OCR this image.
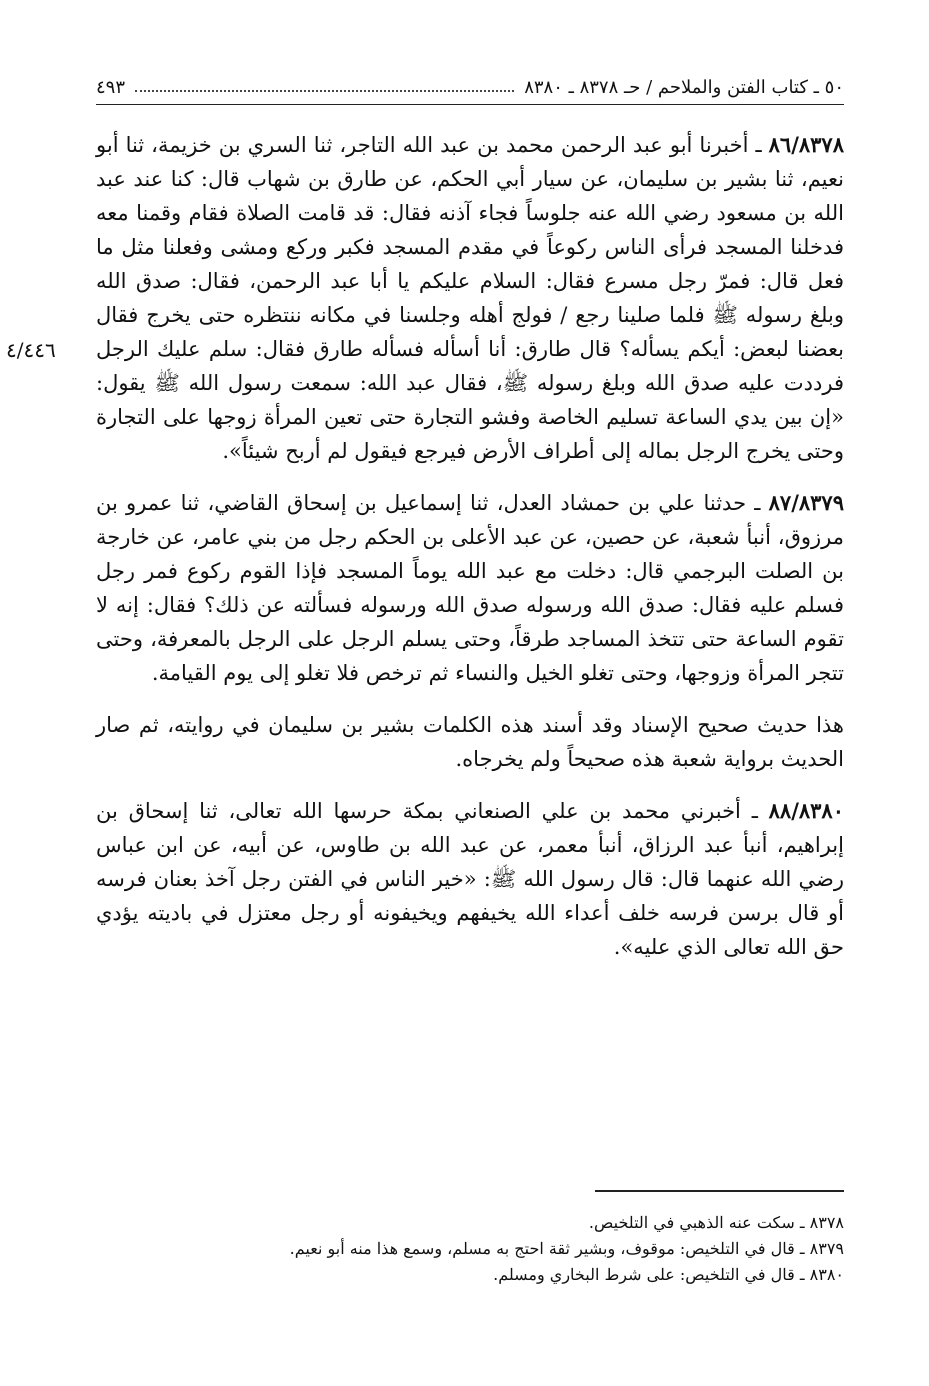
٥٠ ـ كتاب الفتن والملاحم / حـ ٨٣٧٨ ـ ٨٣٨٠
٤٩٣
٤/٤٤٦

٨٦/٨٣٧٨ ـ أخبرنا أبو عبد الرحمن محمد بن عبد الله التاجر، ثنا السري بن خزيمة، ثنا أبو نعيم، ثنا بشير بن سليمان، عن سيار أبي الحكم، عن طارق بن شهاب قال: كنا عند عبد الله بن مسعود رضي الله عنه جلوساً فجاء آذنه فقال: قد قامت الصلاة فقام وقمنا معه فدخلنا المسجد فرأى الناس ركوعاً في مقدم المسجد فكبر وركع ومشى وفعلنا مثل ما فعل قال: فمرّ رجل مسرع فقال: السلام عليكم يا أبا عبد الرحمن، فقال: صدق الله وبلغ رسوله ﷺ فلما صلينا رجع / فولج أهله وجلسنا في مكانه ننتظره حتى يخرج فقال بعضنا لبعض: أيكم يسأله؟ قال طارق: أنا أسأله فسأله طارق فقال: سلم عليك الرجل فرددت عليه صدق الله وبلغ رسوله ﷺ، فقال عبد الله: سمعت رسول الله ﷺ يقول: «إن بين يدي الساعة تسليم الخاصة وفشو التجارة حتى تعين المرأة زوجها على التجارة وحتى يخرج الرجل بماله إلى أطراف الأرض فيرجع فيقول لم أربح شيئاً».

٨٧/٨٣٧٩ ـ حدثنا علي بن حمشاد العدل، ثنا إسماعيل بن إسحاق القاضي، ثنا عمرو بن مرزوق، أنبأ شعبة، عن حصين، عن عبد الأعلى بن الحكم رجل من بني عامر، عن خارجة بن الصلت البرجمي قال: دخلت مع عبد الله يوماً المسجد فإذا القوم ركوع فمر رجل فسلم عليه فقال: صدق الله ورسوله صدق الله ورسوله فسألته عن ذلك؟ فقال: إنه لا تقوم الساعة حتى تتخذ المساجد طرقاً، وحتى يسلم الرجل على الرجل بالمعرفة، وحتى تتجر المرأة وزوجها، وحتى تغلو الخيل والنساء ثم ترخص فلا تغلو إلى يوم القيامة.

هذا حديث صحيح الإسناد وقد أسند هذه الكلمات بشير بن سليمان في روايته، ثم صار الحديث برواية شعبة هذه صحيحاً ولم يخرجاه.

٨٨/٨٣٨٠ ـ أخبرني محمد بن علي الصنعاني بمكة حرسها الله تعالى، ثنا إسحاق بن إبراهيم، أنبأ عبد الرزاق، أنبأ معمر، عن عبد الله بن طاوس، عن أبيه، عن ابن عباس رضي الله عنهما قال: قال رسول الله ﷺ: «خير الناس في الفتن رجل آخذ بعنان فرسه أو قال برسن فرسه خلف أعداء الله يخيفهم ويخيفونه أو رجل معتزل في باديته يؤدي حق الله تعالى الذي عليه».

٨٣٧٨ ـ سكت عنه الذهبي في التلخيص.

٨٣٧٩ ـ قال في التلخيص: موقوف، وبشير ثقة احتج به مسلم، وسمع هذا منه أبو نعيم.

٨٣٨٠ ـ قال في التلخيص: على شرط البخاري ومسلم.
